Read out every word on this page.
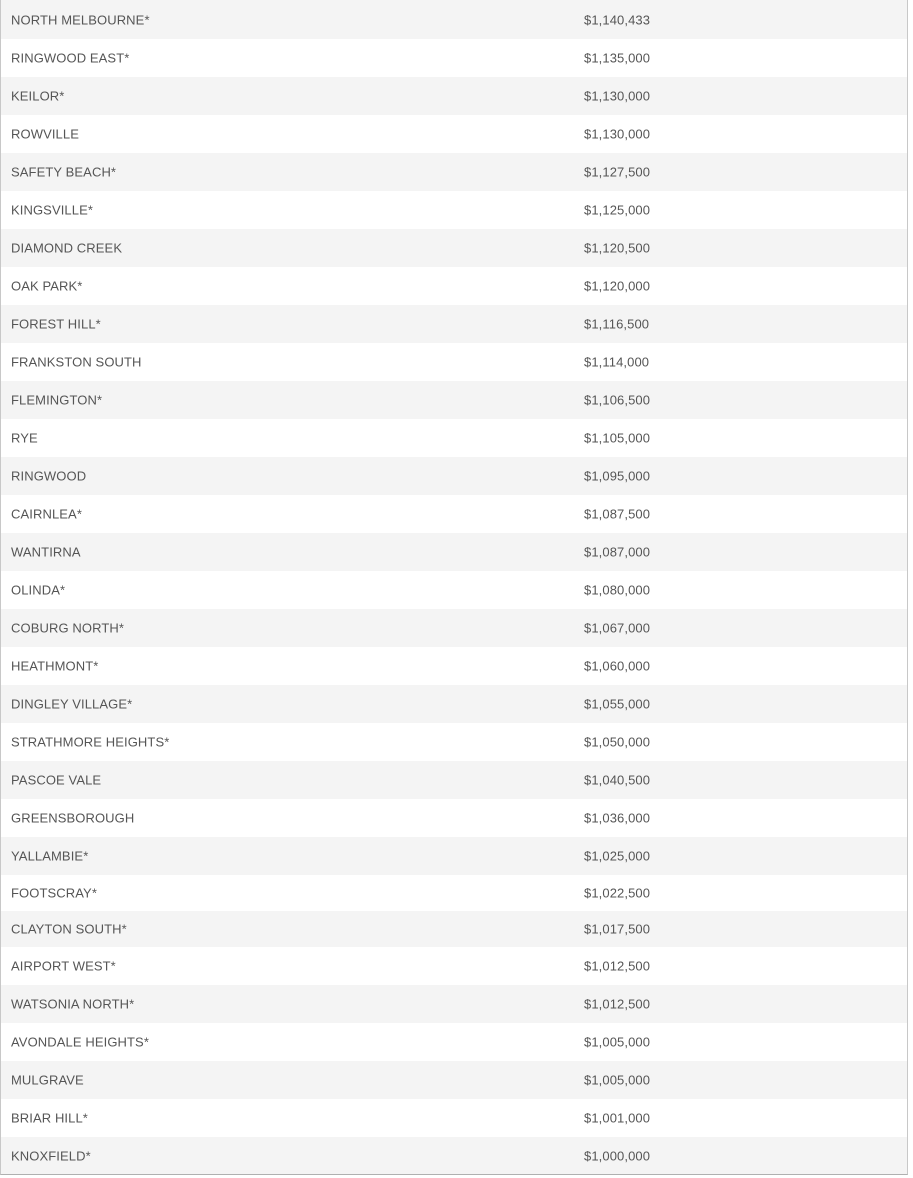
NORTH MELBOURNE*	$1,140,433
RINGWOOD EAST*	$1,135,000
KEILOR*	$1,130,000
ROWVILLE	$1,130,000
SAFETY BEACH*	$1,127,500
KINGSVILLE*	$1,125,000
DIAMOND CREEK	$1,120,500
OAK PARK*	$1,120,000
FOREST HILL*	$1,116,500
FRANKSTON SOUTH	$1,114,000
FLEMINGTON*	$1,106,500
RYE	$1,105,000
RINGWOOD	$1,095,000
CAIRNLEA*	$1,087,500
WANTIRNA	$1,087,000
OLINDA*	$1,080,000
COBURG NORTH*	$1,067,000
HEATHMONT*	$1,060,000
DINGLEY VILLAGE*	$1,055,000
STRATHMORE HEIGHTS*	$1,050,000
PASCOE VALE	$1,040,500
GREENSBOROUGH	$1,036,000
YALLAMBIE*	$1,025,000
FOOTSCRAY*	$1,022,500
CLAYTON SOUTH*	$1,017,500
AIRPORT WEST*	$1,012,500
WATSONIA NORTH*	$1,012,500
AVONDALE HEIGHTS*	$1,005,000
MULGRAVE	$1,005,000
BRIAR HILL*	$1,001,000
KNOXFIELD*	$1,000,000
